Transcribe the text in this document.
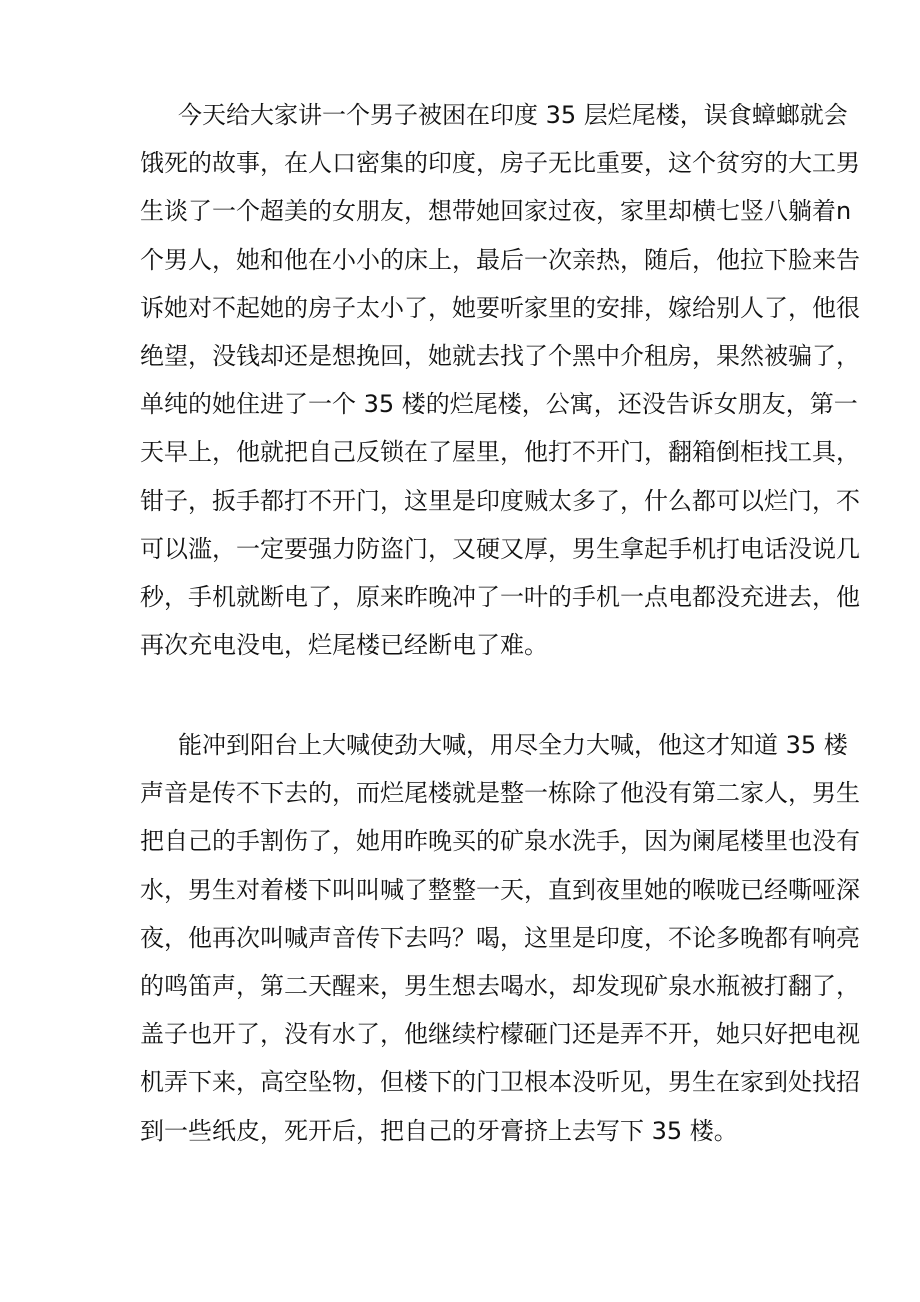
今天给大家讲一个男子被困在印度 35 层烂尾楼，误食蟑螂就会
饿死的故事，在人口密集的印度，房子无比重要，这个贫穷的大工男
生谈了一个超美的女朋友，想带她回家过夜，家里却横七竖八躺着n
个男人，她和他在小小的床上，最后一次亲热，随后，他拉下脸来告
诉她对不起她的房子太小了，她要听家里的安排，嫁给别人了，他很
绝望，没钱却还是想挽回，她就去找了个黑中介租房，果然被骗了，
单纯的她住进了一个 35 楼的烂尾楼，公寓，还没告诉女朋友，第一
天早上，他就把自己反锁在了屋里，他打不开门，翻箱倒柜找工具，
钳子，扳手都打不开门，这里是印度贼太多了，什么都可以烂门，不
可以滥，一定要强力防盗门，又硬又厚，男生拿起手机打电话没说几
秒，手机就断电了，原来昨晚冲了一叶的手机一点电都没充进去，他
再次充电没电，烂尾楼已经断电了难。
能冲到阳台上大喊使劲大喊，用尽全力大喊，他这才知道 35 楼
声音是传不下去的，而烂尾楼就是整一栋除了他没有第二家人，男生
把自己的手割伤了，她用昨晚买的矿泉水洗手，因为阑尾楼里也没有
水，男生对着楼下叫叫喊了整整一天，直到夜里她的喉咙已经嘶哑深
夜，他再次叫喊声音传下去吗？喝，这里是印度，不论多晚都有响亮
的鸣笛声，第二天醒来，男生想去喝水，却发现矿泉水瓶被打翻了，
盖子也开了，没有水了，他继续柠檬砸门还是弄不开，她只好把电视
机弄下来，高空坠物，但楼下的门卫根本没听见，男生在家到处找招
到一些纸皮，死开后，把自己的牙膏挤上去写下 35 楼。
